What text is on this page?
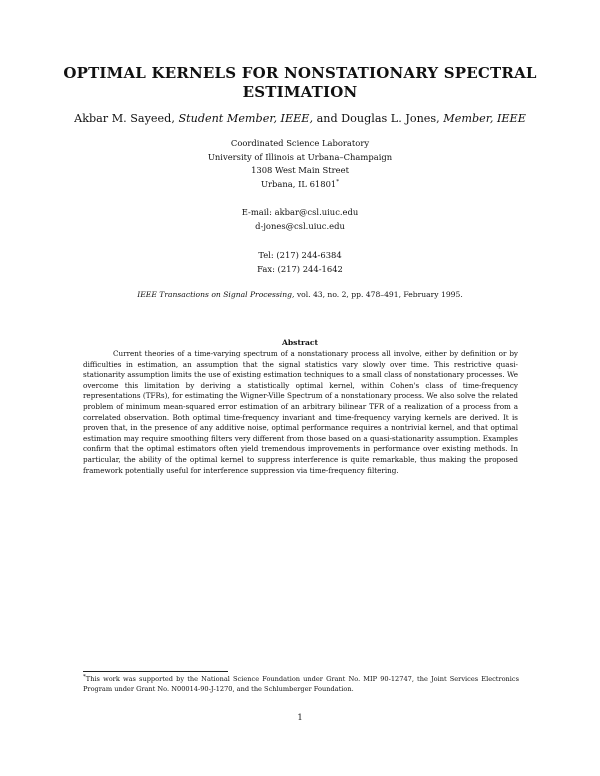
OPTIMAL KERNELS FOR NONSTATIONARY SPECTRAL ESTIMATION
Akbar M. Sayeed, Student Member, IEEE, and Douglas L. Jones, Member, IEEE
Coordinated Science Laboratory
University of Illinois at Urbana–Champaign
1308 West Main Street
Urbana, IL 61801*
E-mail: akbar@csl.uiuc.edu
d-jones@csl.uiuc.edu
Tel: (217) 244-6384
Fax: (217) 244-1642
IEEE Transactions on Signal Processing, vol. 43, no. 2, pp. 478–491, February 1995.
Abstract

Current theories of a time-varying spectrum of a nonstationary process all involve, either by definition or by difficulties in estimation, an assumption that the signal statistics vary slowly over time. This restrictive quasi-stationarity assumption limits the use of existing estimation techniques to a small class of nonstationary processes. We overcome this limitation by deriving a statistically optimal kernel, within Cohen's class of time-frequency representations (TFRs), for estimating the Wigner-Ville Spectrum of a nonstationary process. We also solve the related problem of minimum mean-squared error estimation of an arbitrary bilinear TFR of a realization of a process from a correlated observation. Both optimal time-frequency invariant and time-frequency varying kernels are derived. It is proven that, in the presence of any additive noise, optimal performance requires a nontrivial kernel, and that optimal estimation may require smoothing filters very different from those based on a quasi-stationarity assumption. Examples confirm that the optimal estimators often yield tremendous improvements in performance over existing methods. In particular, the ability of the optimal kernel to suppress interference is quite remarkable, thus making the proposed framework potentially useful for interference suppression via time-frequency filtering.

*This work was supported by the National Science Foundation under Grant No. MIP 90-12747, the Joint Services Electronics Program under Grant No. N00014-90-J-1270, and the Schlumberger Foundation.

1
